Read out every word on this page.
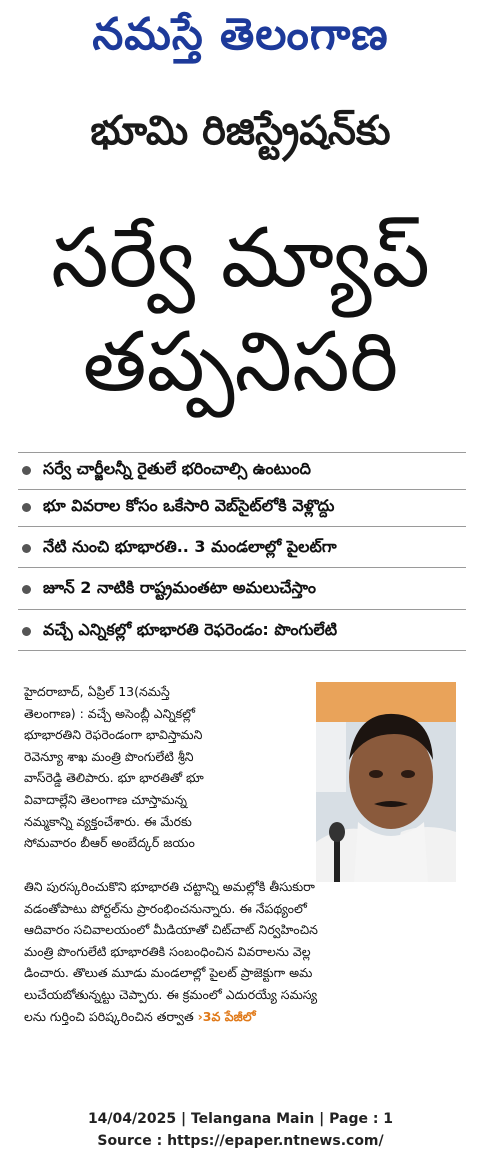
నమస్తే తెలంగాణ
భూమి రిజిస్ట్రేషన్‌కు
సర్వే మ్యాప్
తప్పనిసరి
సర్వే చార్జీలన్నీ రైతులే భరించాల్సి ఉంటుంది
భూ వివరాల కోసం ఒకేసారి వెబ్‌సైట్‌లోకి వెళ్లొద్దు
నేటి నుంచి భూభారతి.. 3 మండలాల్లో పైలట్‌గా
జూన్ 2 నాటికి రాష్ట్రమంతటా అమలుచేస్తాం
వచ్చే ఎన్నికల్లో భూభారతి రెఫరెండం: పొంగులేటి

హైదరాబాద్, ఏప్రిల్ 13(నమస్తే
తెలంగాణ) : వచ్చే అసెంబ్లీ ఎన్నికల్లో
భూభారతిని రెఫరెండంగా భావిస్తామని
రెవెన్యూ శాఖ మంత్రి పొంగులేటి శ్రీని
వాస్‌రెడ్డి తెలిపారు. భూ భారతితో భూ
వివాదాల్లేని తెలంగాణ చూస్తామన్న
నమ్మకాన్ని వ్యక్తంచేశారు. ఈ మేరకు
సోమవారం బీఆర్ అంబేద్కర్ జయం

తిని పురస్కరించుకొని భూభారతి చట్టాన్ని అమల్లోకి తీసుకురా
వడంతోపాటు పోర్టల్‌ను ప్రారంభించనున్నారు. ఈ నేపథ్యంలో
ఆదివారం సచివాలయంలో మీడియాతో చిట్‌చాట్ నిర్వహించిన
మంత్రి పొంగులేటి భూభారతికి సంబంధించిన వివరాలను వెల్ల
డించారు. తొలుత మూడు మండలాల్లో పైలట్ ప్రాజెక్టుగా అమ
లుచేయబోతున్నట్టు చెప్పారు. ఈ క్రమంలో ఎదురయ్యే సమస్య
లను గుర్తించి పరిష్కరించిన తర్వాత ›3వ పేజీలో

14/04/2025 | Telangana Main | Page : 1
Source : https://epaper.ntnews.com/
